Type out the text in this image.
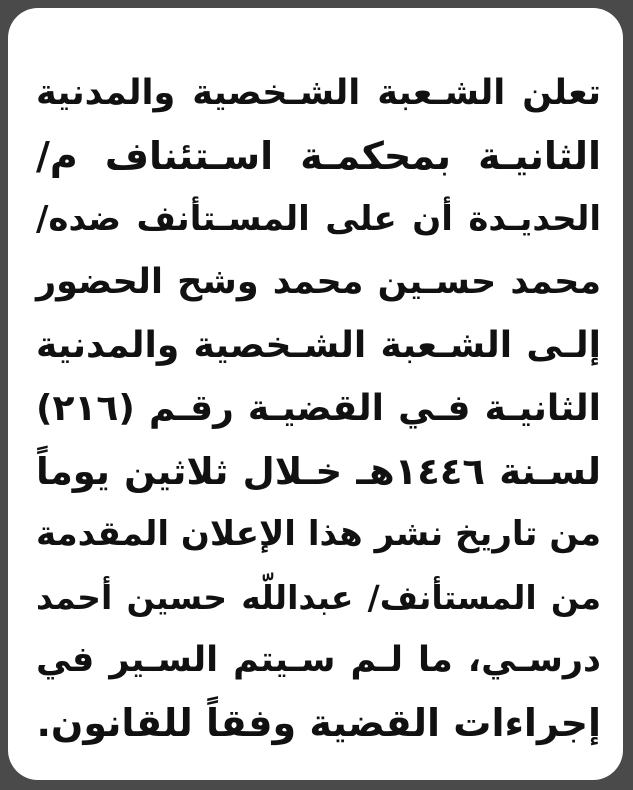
تعلن الشـعبة الشـخصية والمدنية
الثانيـة بمحكمـة اسـتئناف م/
الحديـدة أن على المسـتأنف ضده/
محمد حسـين محمد وشح الحضور
إلـى الشـعبة الشـخصية والمدنية
الثانيـة فـي القضيـة رقـم (٢١٦)
لسـنة ١٤٤٦هـ خـلال ثلاثين يوماً
من تاريخ نشر هذا الإعلان المقدمة
من المستأنف/ عبداللّه حسين أحمد
درسـي، ما لـم سـيتم السـير في
إجراءات القضية وفقاً للقانون.
